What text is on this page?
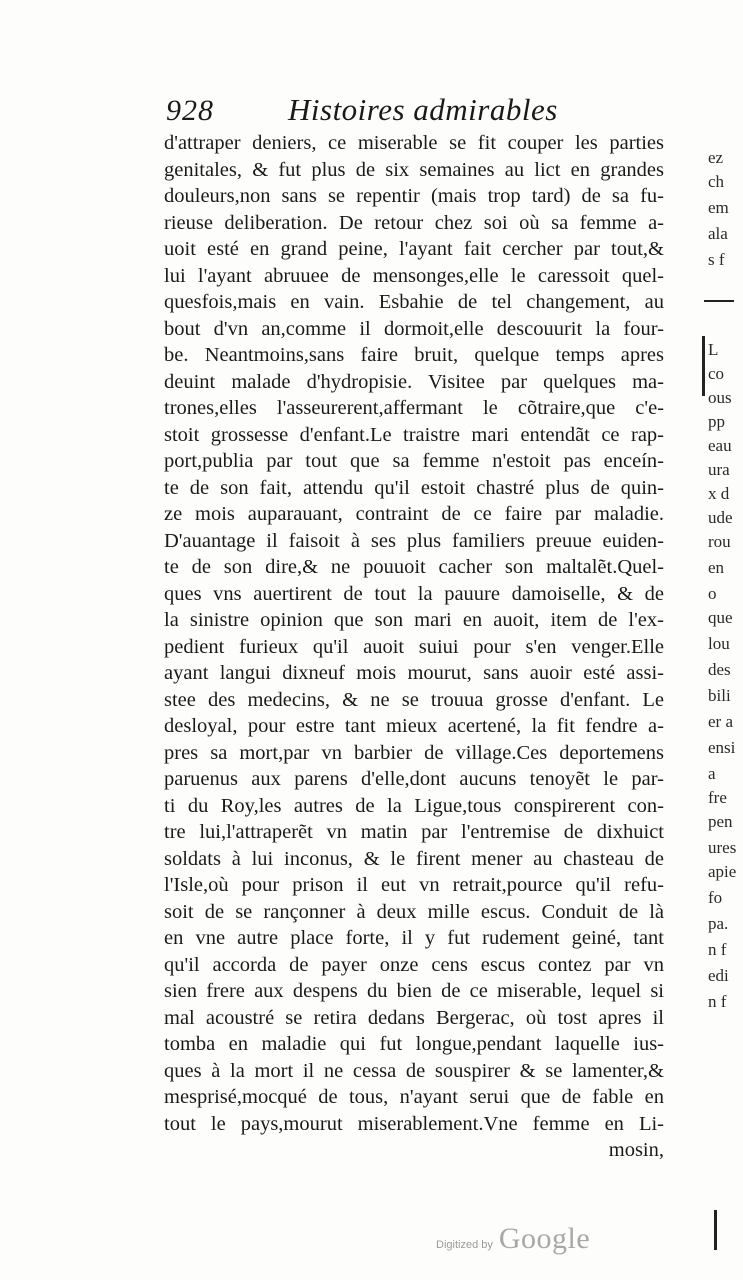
928 Histoires admirables
d'attraper deniers, ce miserable se fit couper les parties
genitales, & fut plus de six semaines au lict en grandes
douleurs,non sans se repentir (mais trop tard) de sa fu-
rieuse deliberation. De retour chez soi où sa femme a-
uoit esté en grand peine, l'ayant fait cercher par tout,&
lui l'ayant abruuee de mensonges,elle le caressoit quel-
quesfois,mais en vain. Esbahie de tel changement, au
bout d'vn an,comme il dormoit,elle descouurit la four-
be. Neantmoins,sans faire bruit, quelque temps apres
deuint malade d'hydropisie. Visitee par quelques ma-
trones,elles l'asseurerent,affermant le cõtraire,que c'e-
stoit grossesse d'enfant.Le traistre mari entendãt ce rap-
port,publia par tout que sa femme n'estoit pas enceín-
te de son fait, attendu qu'il estoit chastré plus de quin-
ze mois auparauant, contraint de ce faire par maladie.
D'auantage il faisoit à ses plus familiers preuue euiden-
te de son dire,& ne pouuoit cacher son maltalẽt.Quel-
ques vns auertirent de tout la pauure damoiselle, & de
la sinistre opinion que son mari en auoit, item de l'ex-
pedient furieux qu'il auoit suiui pour s'en venger.Elle
ayant langui dixneuf mois mourut, sans auoir esté assi-
stee des medecins, & ne se trouua grosse d'enfant. Le
desloyal, pour estre tant mieux acertené, la fit fendre a-
pres sa mort,par vn barbier de village.Ces deportemens
paruenus aux parens d'elle,dont aucuns tenoyẽt le par-
ti du Roy,les autres de la Ligue,tous conspirerent con-
tre lui,l'attraperẽt vn matin par l'entremise de dixhuict
soldats à lui inconus, & le firent mener au chasteau de
l'Isle,où pour prison il eut vn retrait,pource qu'il refu-
soit de se rançonner à deux mille escus. Conduit de là
en vne autre place forte, il y fut rudement geiné, tant
qu'il accorda de payer onze cens escus contez par vn
sien frere aux despens du bien de ce miserable, lequel si
mal acoustré se retira dedans Bergerac, où tost apres il
tomba en maladie qui fut longue,pendant laquelle ius-
ques à la mort il ne cessa de souspirer & se lamenter,&
mesprisé,mocqué de tous, n'ayant serui que de fable en
tout le pays,mourut miserablement.Vne femme en Li-
mosin,
ez
ch
em
ala
s f
L
co
ous
pp
eau
ura
x d
ude
rou
en
o
que
lou
des
bili
er a
ensi
a
fre
pen
ures
apie
fo
pa.
n f
edi
n f
Digitized by Google
